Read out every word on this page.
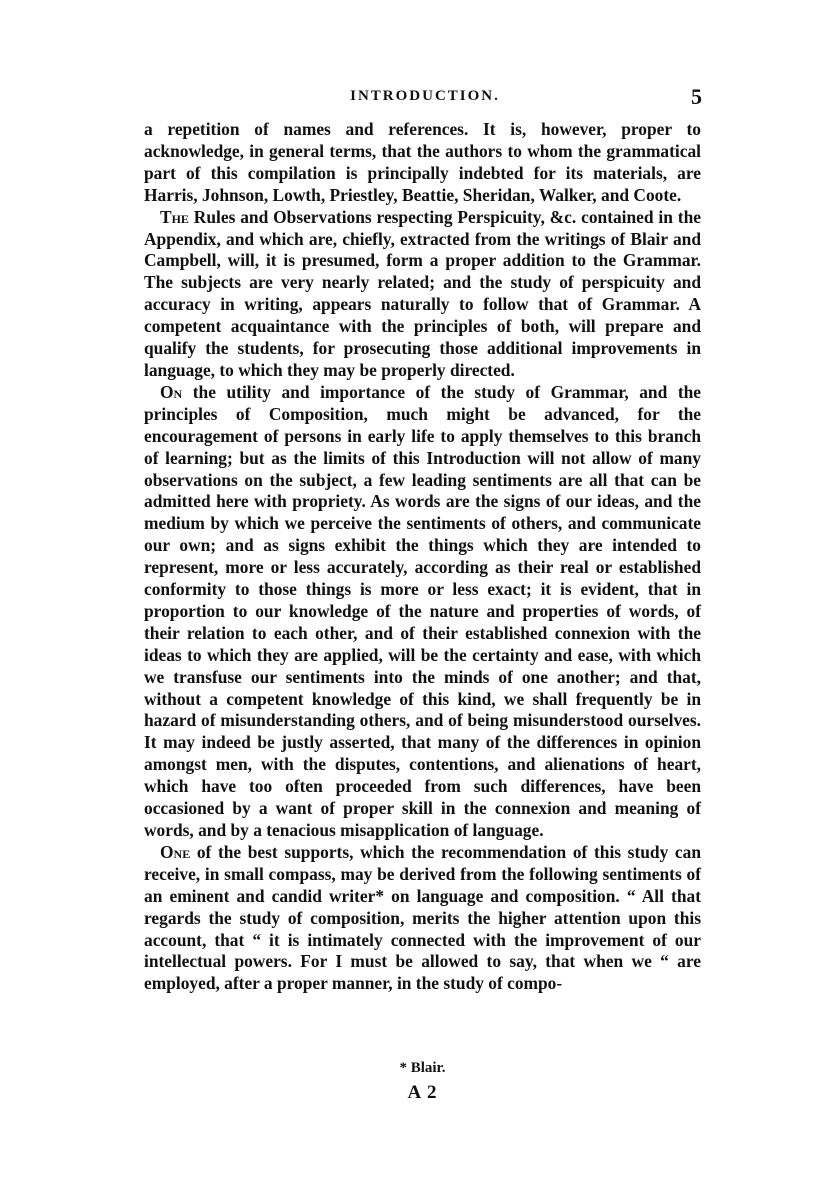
INTRODUCTION.	5

a repetition of names and references. It is, however, proper to acknowledge, in general terms, that the authors to whom the grammatical part of this compilation is principally indebted for its materials, are Harris, Johnson, Lowth, Priestley, Beattie, Sheridan, Walker, and Coote.

The Rules and Observations respecting Perspicuity, &c. contained in the Appendix, and which are, chiefly, extracted from the writings of Blair and Campbell, will, it is presumed, form a proper addition to the Grammar. The subjects are very nearly related; and the study of perspicuity and accuracy in writing, appears naturally to follow that of Grammar. A competent acquaintance with the principles of both, will prepare and qualify the students, for prosecuting those additional improvements in language, to which they may be properly directed.

On the utility and importance of the study of Grammar, and the principles of Composition, much might be advanced, for the encouragement of persons in early life to apply themselves to this branch of learning; but as the limits of this Introduction will not allow of many observations on the subject, a few leading sentiments are all that can be admitted here with propriety. As words are the signs of our ideas, and the medium by which we perceive the sentiments of others, and communicate our own; and as signs exhibit the things which they are intended to represent, more or less accurately, according as their real or established conformity to those things is more or less exact; it is evident, that in proportion to our knowledge of the nature and properties of words, of their relation to each other, and of their established connexion with the ideas to which they are applied, will be the certainty and ease, with which we transfuse our sentiments into the minds of one another; and that, without a competent knowledge of this kind, we shall frequently be in hazard of misunderstanding others, and of being misunderstood ourselves. It may indeed be justly asserted, that many of the differences in opinion amongst men, with the disputes, contentions, and alienations of heart, which have too often proceeded from such differences, have been occasioned by a want of proper skill in the connexion and meaning of words, and by a tenacious misapplication of language.

One of the best supports, which the recommendation of this study can receive, in small compass, may be derived from the following sentiments of an eminent and candid writer* on language and composition. “ All that regards the study of composition, merits the higher attention upon this account, that “ it is intimately connected with the improvement of our intellectual powers. For I must be allowed to say, that when we “ are employed, after a proper manner, in the study of compo-

* Blair.
A 2
